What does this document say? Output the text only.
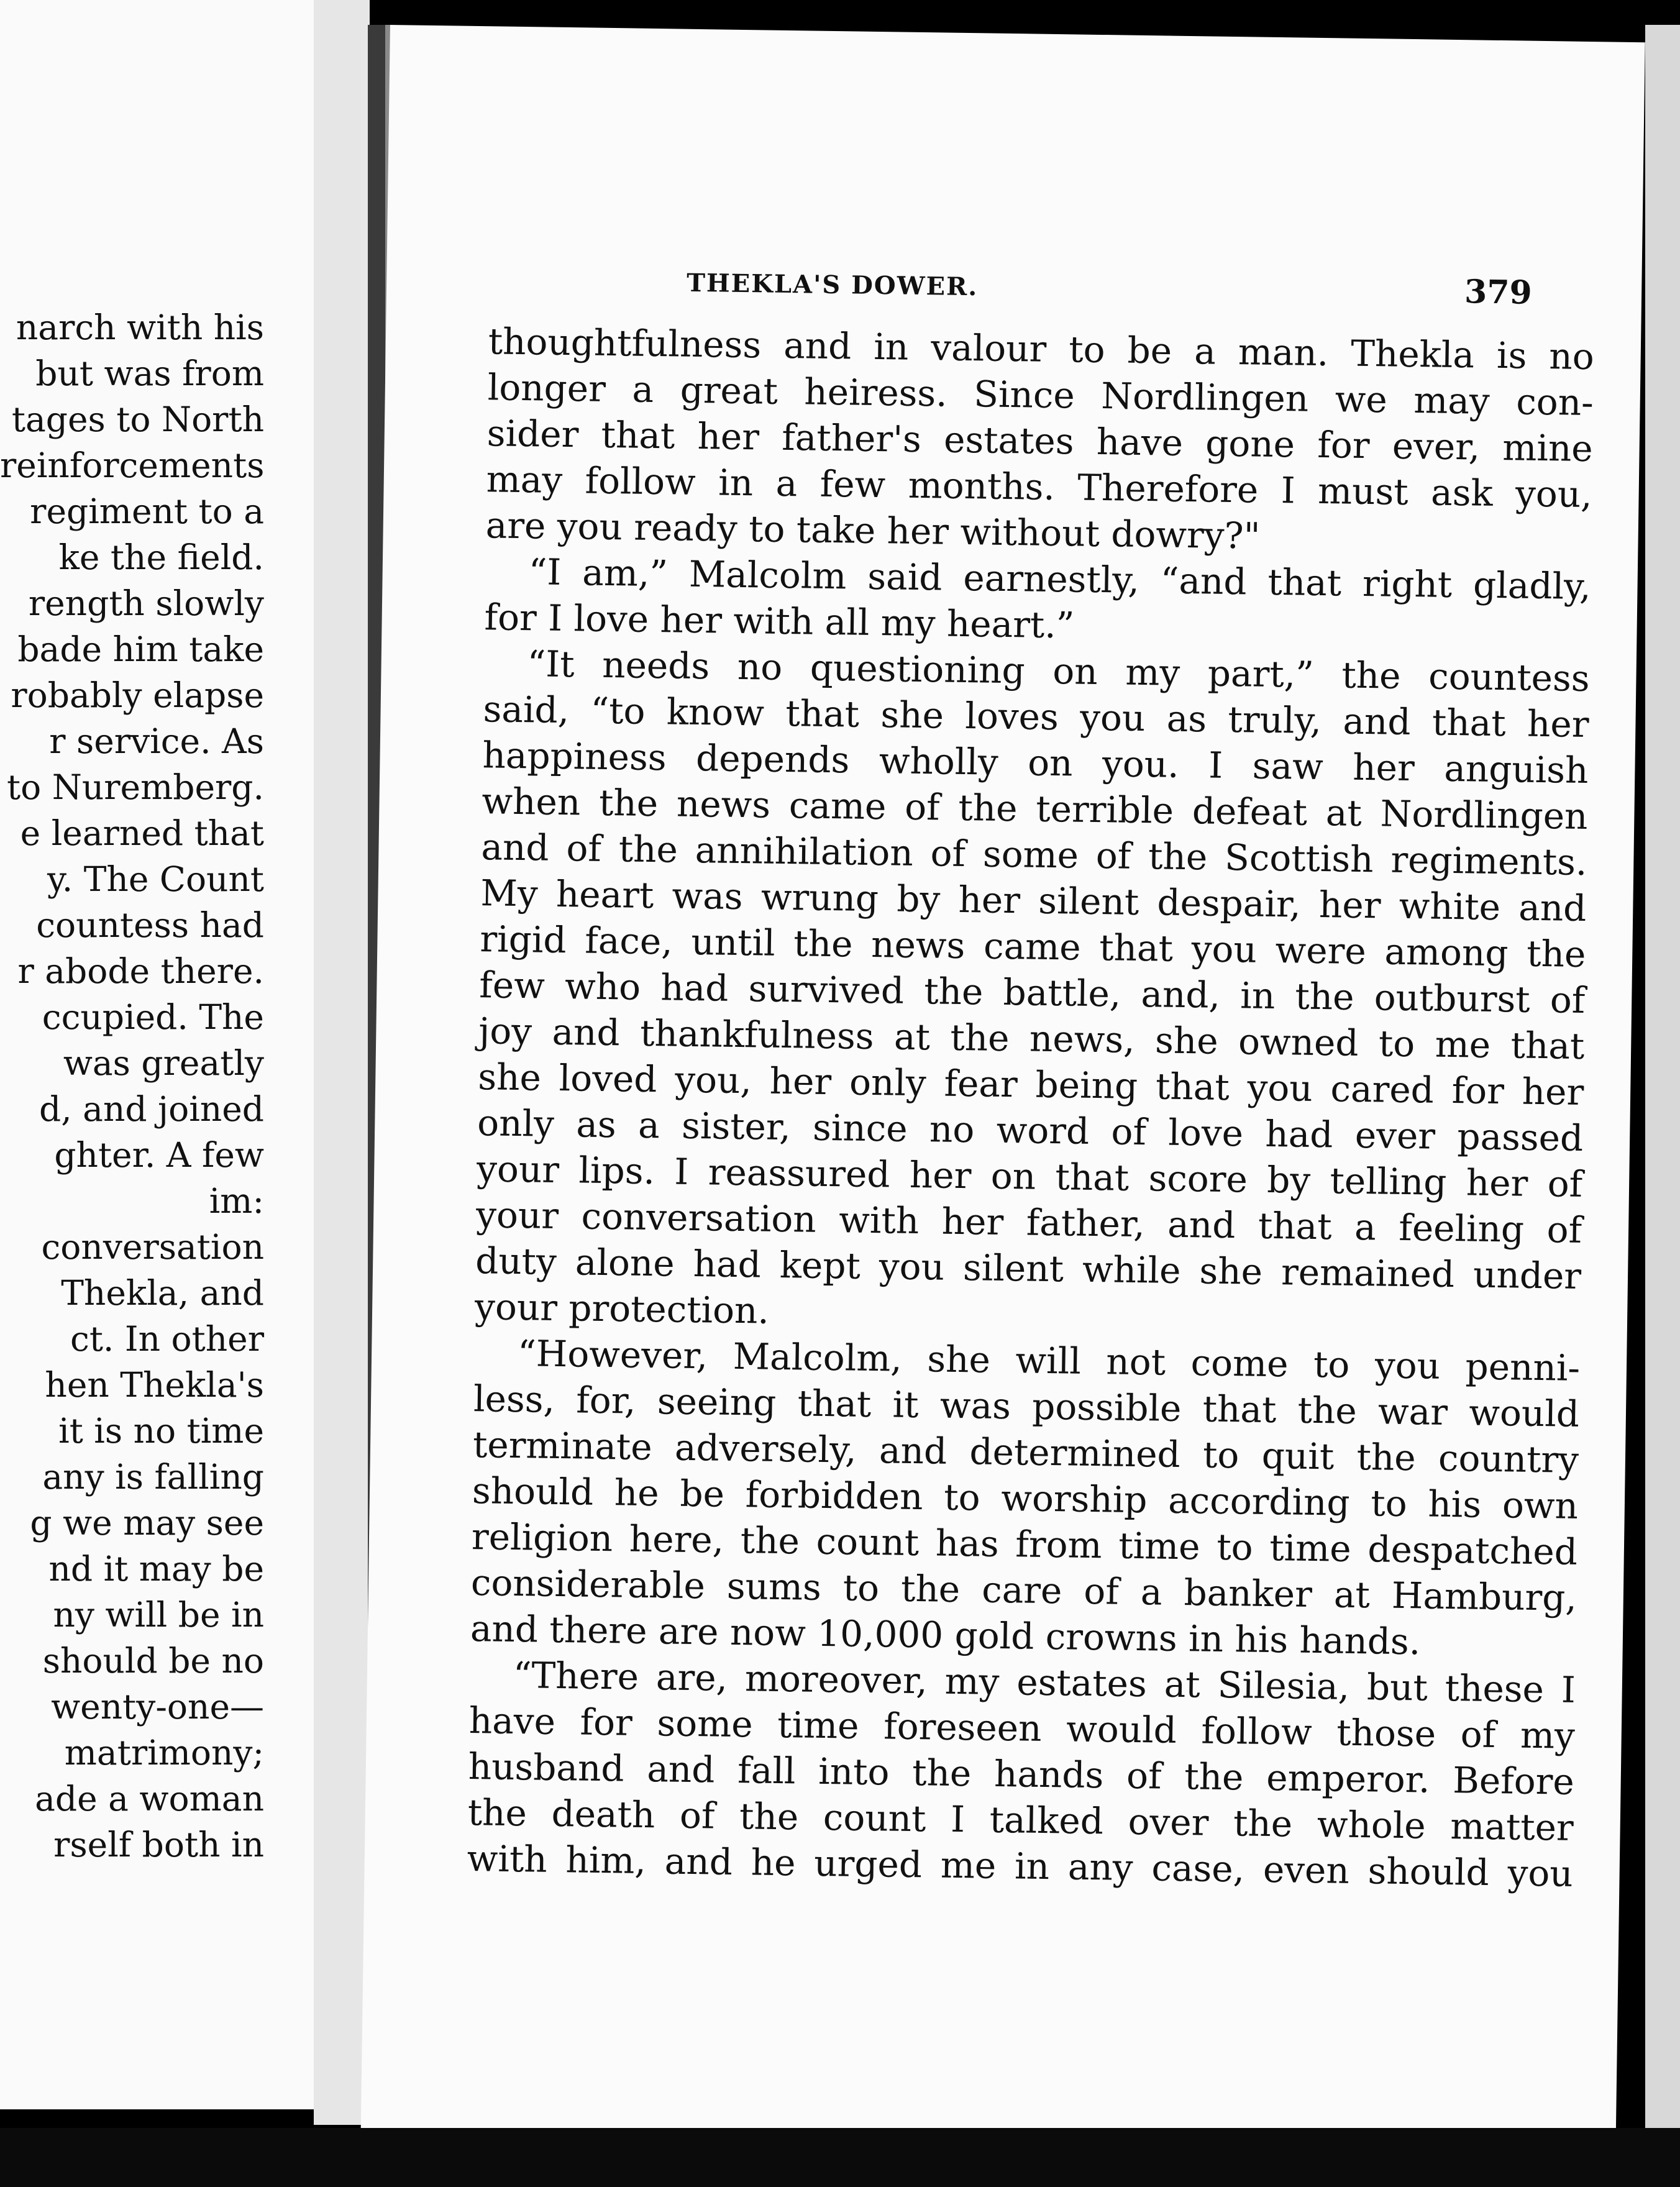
narch with his
but was from
tages to North
reinforcements
regiment to a
ke the field.
rength slowly
bade him take
robably elapse
r service. As
to Nuremberg.
e learned that
y. The Count
countess had
r abode there.
ccupied. The
was greatly
d, and joined
ghter. A few
im:
conversation
Thekla, and
ct. In other
hen Thekla's
it is no time
any is falling
g we may see
nd it may be
ny will be in
should be no
wenty-one—
matrimony;
ade a woman
rself both in
THEKLA'S DOWER.	379
thoughtfulness and in valour to be a man. Thekla is no
longer a great heiress. Since Nordlingen we may con-
sider that her father's estates have gone for ever, mine
may follow in a few months. Therefore I must ask you,
are you ready to take her without dowry?"
“I am,” Malcolm said earnestly, “and that right gladly,
for I love her with all my heart.”
“It needs no questioning on my part,” the countess
said, “to know that she loves you as truly, and that her
happiness depends wholly on you. I saw her anguish
when the news came of the terrible defeat at Nordlingen
and of the annihilation of some of the Scottish regiments.
My heart was wrung by her silent despair, her white and
rigid face, until the news came that you were among the
few who had survived the battle, and, in the outburst of
joy and thankfulness at the news, she owned to me that
she loved you, her only fear being that you cared for her
only as a sister, since no word of love had ever passed
your lips. I reassured her on that score by telling her of
your conversation with her father, and that a feeling of
duty alone had kept you silent while she remained under
your protection.
“However, Malcolm, she will not come to you penni-
less, for, seeing that it was possible that the war would
terminate adversely, and determined to quit the country
should he be forbidden to worship according to his own
religion here, the count has from time to time despatched
considerable sums to the care of a banker at Hamburg,
and there are now 10,000 gold crowns in his hands.
“There are, moreover, my estates at Silesia, but these I
have for some time foreseen would follow those of my
husband and fall into the hands of the emperor. Before
the death of the count I talked over the whole matter
with him, and he urged me in any case, even should you
